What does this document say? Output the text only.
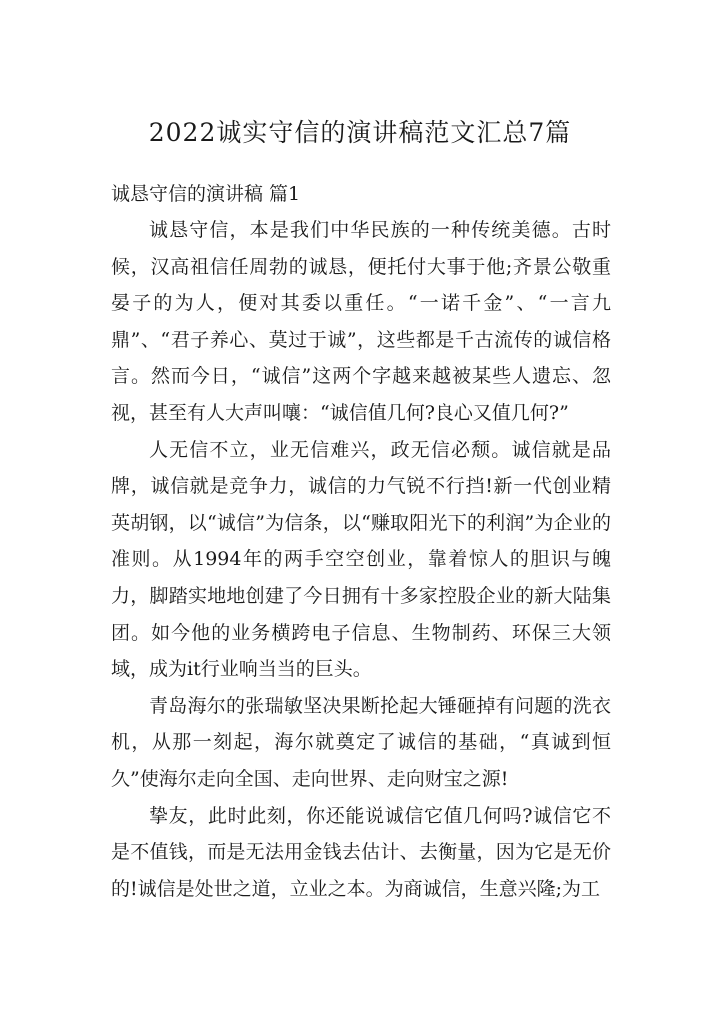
2022诚实守信的演讲稿范文汇总7篇
诚恳守信的演讲稿 篇1

诚恳守信，本是我们中华民族的一种传统美德。古时候，汉高祖信任周勃的诚恳，便托付大事于他;齐景公敬重晏子的为人，便对其委以重任。“一诺千金”、“一言九鼎”、“君子养心、莫过于诚”，这些都是千古流传的诚信格言。然而今日，“诚信”这两个字越来越被某些人遗忘、忽视，甚至有人大声叫嚷：“诚信值几何?良心又值几何?”

人无信不立，业无信难兴，政无信必颓。诚信就是品牌，诚信就是竞争力，诚信的力气锐不行挡!新一代创业精英胡钢，以“诚信”为信条，以“赚取阳光下的利润”为企业的准则。从1994年的两手空空创业，靠着惊人的胆识与魄力，脚踏实地地创建了今日拥有十多家控股企业的新大陆集团。如今他的业务横跨电子信息、生物制药、环保三大领域，成为it行业响当当的巨头。

青岛海尔的张瑞敏坚决果断抡起大锤砸掉有问题的洗衣机，从那一刻起，海尔就奠定了诚信的基础，“真诚到恒久”使海尔走向全国、走向世界、走向财宝之源!

挚友，此时此刻，你还能说诚信它值几何吗?诚信它不是不值钱，而是无法用金钱去估计、去衡量，因为它是无价的!诚信是处世之道，立业之本。为商诚信，生意兴隆;为工
